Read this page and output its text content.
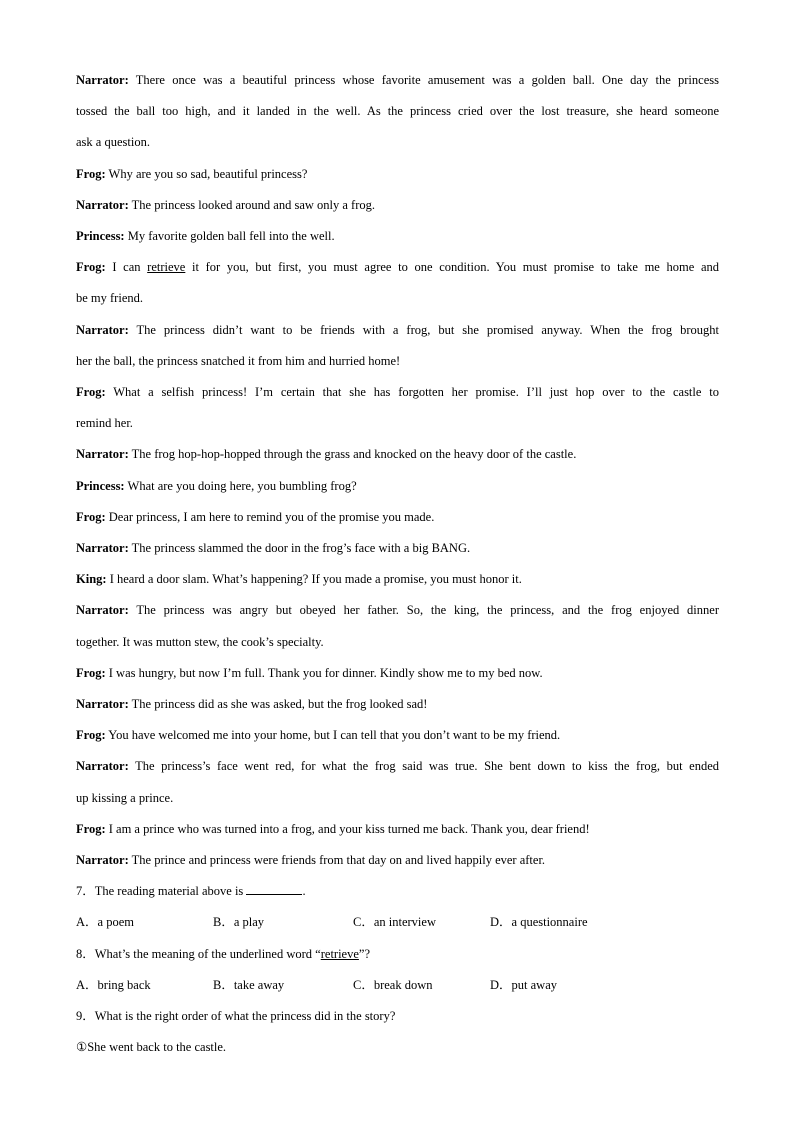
Narrator: There once was a beautiful princess whose favorite amusement was a golden ball. One day the princess
tossed the ball too high, and it landed in the well. As the princess cried over the lost treasure, she heard someone
ask a question.
Frog: Why are you so sad, beautiful princess?
Narrator: The princess looked around and saw only a frog.
Princess: My favorite golden ball fell into the well.
Frog: I can retrieve it for you, but first, you must agree to one condition. You must promise to take me home and
be my friend.
Narrator: The princess didn’t want to be friends with a frog, but she promised anyway. When the frog brought
her the ball, the princess snatched it from him and hurried home!
Frog: What a selfish princess! I’m certain that she has forgotten her promise. I’ll just hop over to the castle to
remind her.
Narrator: The frog hop-hop-hopped through the grass and knocked on the heavy door of the castle.
Princess: What are you doing here, you bumbling frog?
Frog: Dear princess, I am here to remind you of the promise you made.
Narrator: The princess slammed the door in the frog’s face with a big BANG.
King: I heard a door slam. What’s happening? If you made a promise, you must honor it.
Narrator: The princess was angry but obeyed her father. So, the king, the princess, and the frog enjoyed dinner
together. It was mutton stew, the cook’s specialty.
Frog: I was hungry, but now I’m full. Thank you for dinner. Kindly show me to my bed now.
Narrator: The princess did as she was asked, but the frog looked sad!
Frog: You have welcomed me into your home, but I can tell that you don’t want to be my friend.
Narrator: The princess’s face went red, for what the frog said was true. She bent down to kiss the frog, but ended
up kissing a prince.
Frog: I am a prince who was turned into a frog, and your kiss turned me back. Thank you, dear friend!
Narrator: The prince and princess were friends from that day on and lived happily ever after.
7．The reading material above is	.
A．a poem	B．a play	C．an interview	D．a questionnaire
8．What’s the meaning of the underlined word “retrieve”?
A．bring back	B．take away	C．break down	D．put away
9．What is the right order of what the princess did in the story?
①She went back to the castle.
